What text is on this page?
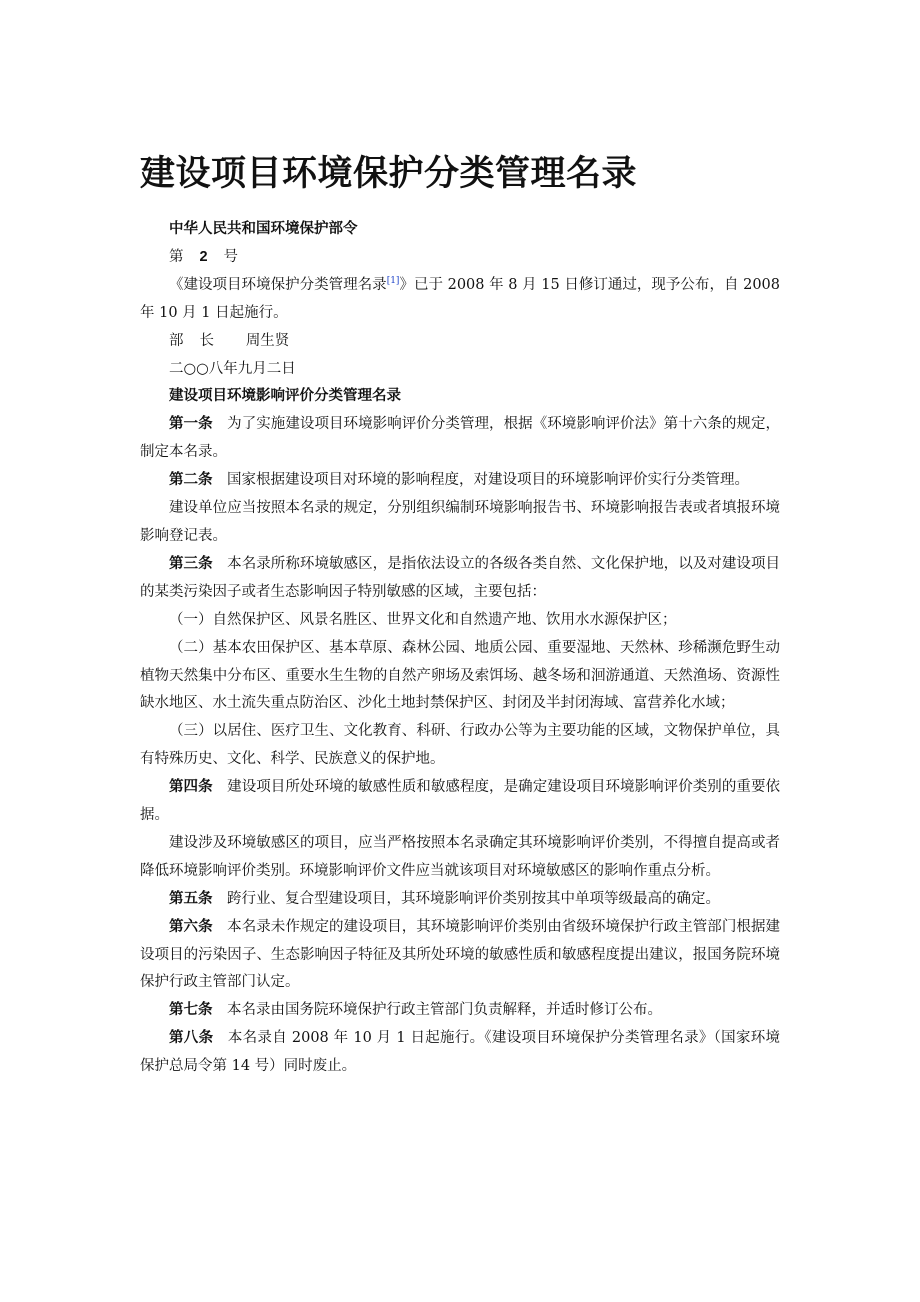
建设项目环境保护分类管理名录

中华人民共和国环境保护部令

第 2 号

《建设项目环境保护分类管理名录[1]》已于 2008 年 8 月 15 日修订通过，现予公布，自 2008 年 10 月 1 日起施行。

部 长 周生贤

二○○八年九月二日

建设项目环境影响评价分类管理名录

第一条 为了实施建设项目环境影响评价分类管理，根据《环境影响评价法》第十六条的规定，制定本名录。

第二条 国家根据建设项目对环境的影响程度，对建设项目的环境影响评价实行分类管理。

建设单位应当按照本名录的规定，分别组织编制环境影响报告书、环境影响报告表或者填报环境影响登记表。

第三条 本名录所称环境敏感区，是指依法设立的各级各类自然、文化保护地，以及对建设项目的某类污染因子或者生态影响因子特别敏感的区域，主要包括：

（一）自然保护区、风景名胜区、世界文化和自然遗产地、饮用水水源保护区；

（二）基本农田保护区、基本草原、森林公园、地质公园、重要湿地、天然林、珍稀濒危野生动植物天然集中分布区、重要水生生物的自然产卵场及索饵场、越冬场和洄游通道、天然渔场、资源性缺水地区、水土流失重点防治区、沙化土地封禁保护区、封闭及半封闭海域、富营养化水域；

（三）以居住、医疗卫生、文化教育、科研、行政办公等为主要功能的区域，文物保护单位，具有特殊历史、文化、科学、民族意义的保护地。

第四条 建设项目所处环境的敏感性质和敏感程度，是确定建设项目环境影响评价类别的重要依据。

建设涉及环境敏感区的项目，应当严格按照本名录确定其环境影响评价类别，不得擅自提高或者降低环境影响评价类别。环境影响评价文件应当就该项目对环境敏感区的影响作重点分析。

第五条 跨行业、复合型建设项目，其环境影响评价类别按其中单项等级最高的确定。

第六条 本名录未作规定的建设项目，其环境影响评价类别由省级环境保护行政主管部门根据建设项目的污染因子、生态影响因子特征及其所处环境的敏感性质和敏感程度提出建议，报国务院环境保护行政主管部门认定。

第七条 本名录由国务院环境保护行政主管部门负责解释，并适时修订公布。

第八条 本名录自 2008 年 10 月 1 日起施行。《建设项目环境保护分类管理名录》（国家环境保护总局令第 14 号）同时废止。
